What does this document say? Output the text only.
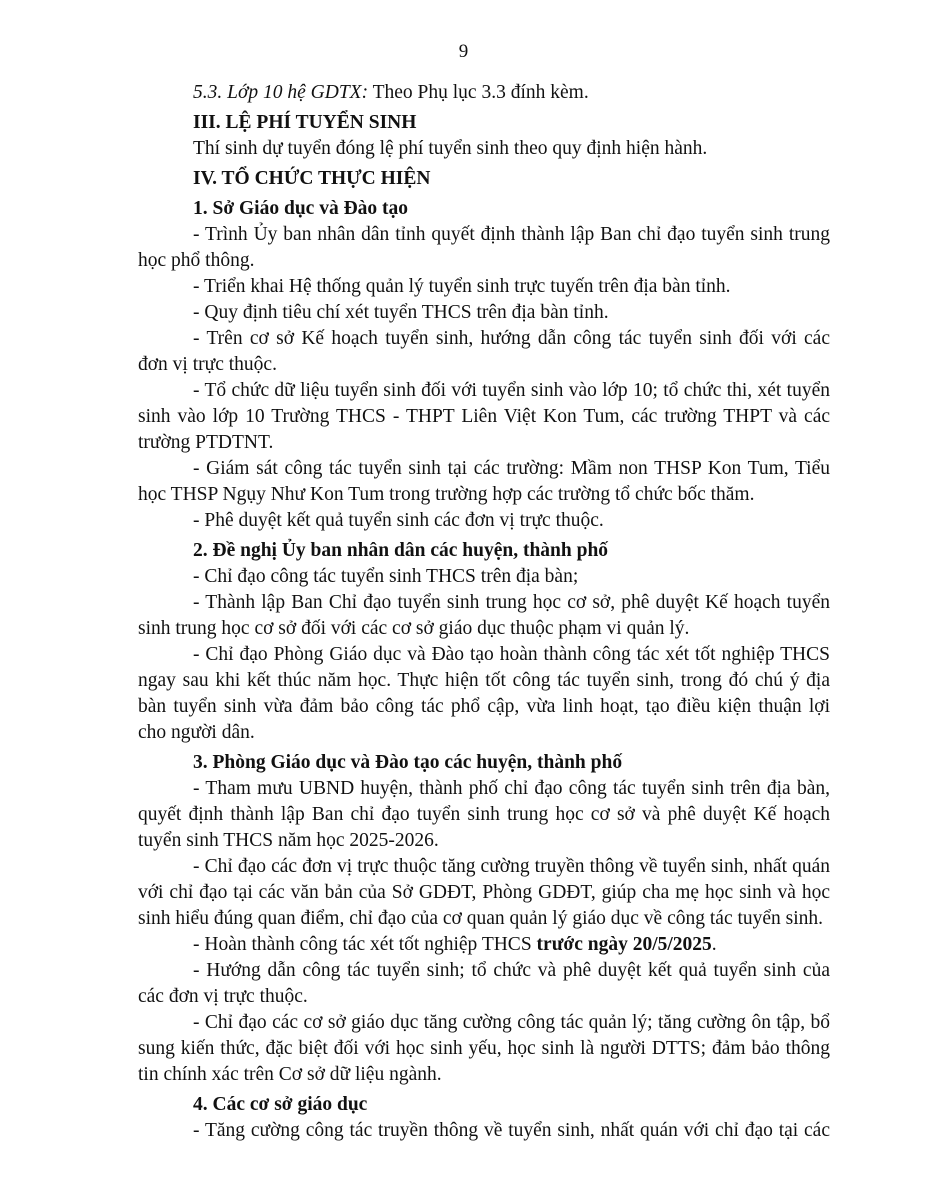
9
5.3. Lớp 10 hệ GDTX: Theo Phụ lục 3.3 đính kèm.
III. LỆ PHÍ TUYỂN SINH
Thí sinh dự tuyển đóng lệ phí tuyển sinh theo quy định hiện hành.
IV. TỔ CHỨC THỰC HIỆN
1. Sở Giáo dục và Đào tạo
- Trình Ủy ban nhân dân tỉnh quyết định thành lập Ban chỉ đạo tuyển sinh trung
học phổ thông.
- Triển khai Hệ thống quản lý tuyển sinh trực tuyến trên địa bàn tỉnh.
- Quy định tiêu chí xét tuyển THCS trên địa bàn tỉnh.
- Trên cơ sở Kế hoạch tuyển sinh, hướng dẫn công tác tuyển sinh đối với các
đơn vị trực thuộc.
- Tổ chức dữ liệu tuyển sinh đối với tuyển sinh vào lớp 10; tổ chức thi, xét tuyển
sinh vào lớp 10 Trường THCS - THPT Liên Việt Kon Tum, các trường THPT và các
trường PTDTNT.
- Giám sát công tác tuyển sinh tại các trường: Mầm non THSP Kon Tum, Tiểu
học THSP Ngụy Như Kon Tum trong trường hợp các trường tổ chức bốc thăm.
- Phê duyệt kết quả tuyển sinh các đơn vị trực thuộc.
2. Đề nghị Ủy ban nhân dân các huyện, thành phố
- Chỉ đạo công tác tuyển sinh THCS trên địa bàn;
- Thành lập Ban Chỉ đạo tuyển sinh trung học cơ sở, phê duyệt Kế hoạch tuyển
sinh trung học cơ sở đối với các cơ sở giáo dục thuộc phạm vi quản lý.
- Chỉ đạo Phòng Giáo dục và Đào tạo hoàn thành công tác xét tốt nghiệp THCS
ngay sau khi kết thúc năm học. Thực hiện tốt công tác tuyển sinh, trong đó chú ý địa
bàn tuyển sinh vừa đảm bảo công tác phổ cập, vừa linh hoạt, tạo điều kiện thuận lợi
cho người dân.
3. Phòng Giáo dục và Đào tạo các huyện, thành phố
- Tham mưu UBND huyện, thành phố chỉ đạo công tác tuyển sinh trên địa bàn,
quyết định thành lập Ban chỉ đạo tuyển sinh trung học cơ sở và phê duyệt Kế hoạch
tuyển sinh THCS năm học 2025-2026.
- Chỉ đạo các đơn vị trực thuộc tăng cường truyền thông về tuyển sinh, nhất quán
với chỉ đạo tại các văn bản của Sở GDĐT, Phòng GDĐT, giúp cha mẹ học sinh và học
sinh hiểu đúng quan điểm, chỉ đạo của cơ quan quản lý giáo dục về công tác tuyển sinh.
- Hoàn thành công tác xét tốt nghiệp THCS trước ngày 20/5/2025.
- Hướng dẫn công tác tuyển sinh; tổ chức và phê duyệt kết quả tuyển sinh của
các đơn vị trực thuộc.
- Chỉ đạo các cơ sở giáo dục tăng cường công tác quản lý; tăng cường ôn tập, bổ
sung kiến thức, đặc biệt đối với học sinh yếu, học sinh là người DTTS; đảm bảo thông
tin chính xác trên Cơ sở dữ liệu ngành.
4. Các cơ sở giáo dục
- Tăng cường công tác truyền thông về tuyển sinh, nhất quán với chỉ đạo tại các
